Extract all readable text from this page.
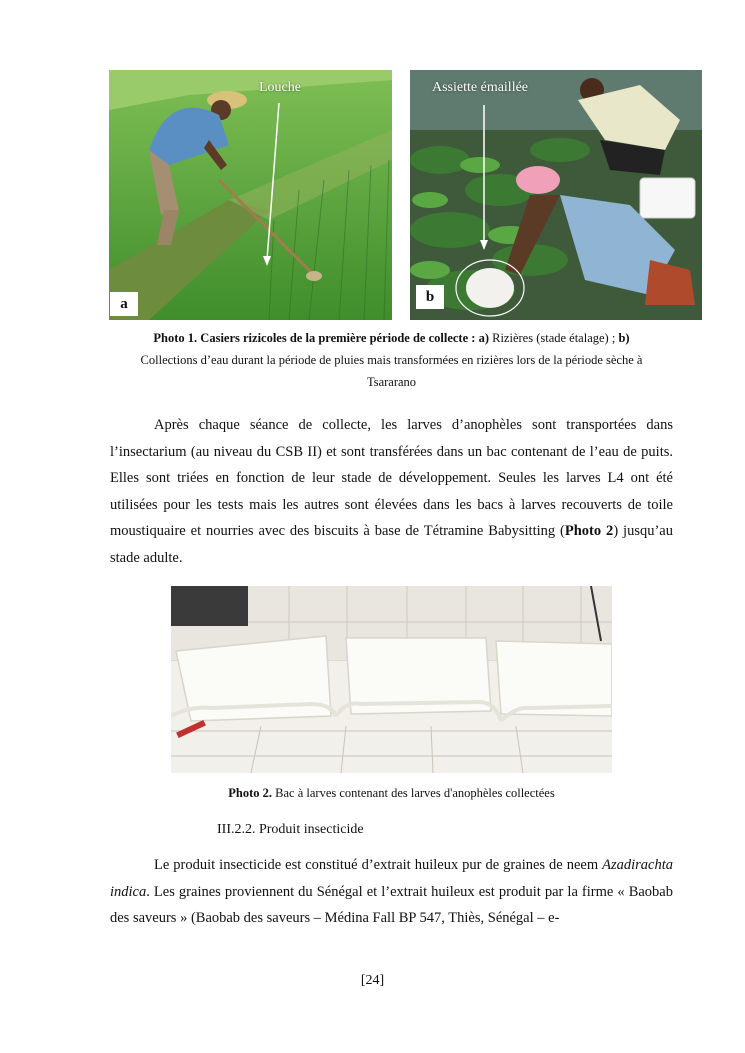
Louche
a
Assiette émaillée
b
Photo 1. Casiers rizicoles de la première période de collecte : a) Rizières (stade étalage) ; b)
Collections d’eau durant la période de pluies mais transformées en rizières lors de la période sèche à
Tsararano
Après chaque séance de collecte, les larves d’anophèles sont transportées dans l’insectarium (au niveau du CSB II) et sont transférées dans un bac contenant de l’eau de puits. Elles sont triées en fonction de leur stade de développement. Seules les larves L4 ont été utilisées pour les tests mais les autres sont élevées dans les bacs à larves recouverts de toile moustiquaire et nourries avec des biscuits à base de Tétramine Babysitting (Photo 2) jusqu’au stade adulte.
Photo 2. Bac à larves contenant des larves d'anophèles collectées
III.2.2. Produit insecticide
Le produit insecticide est constitué d’extrait huileux pur de graines de neem Azadirachta indica. Les graines proviennent du Sénégal et l’extrait huileux est produit par la firme « Baobab des saveurs » (Baobab des saveurs – Médina Fall BP 547, Thiès, Sénégal – e-
[24]
